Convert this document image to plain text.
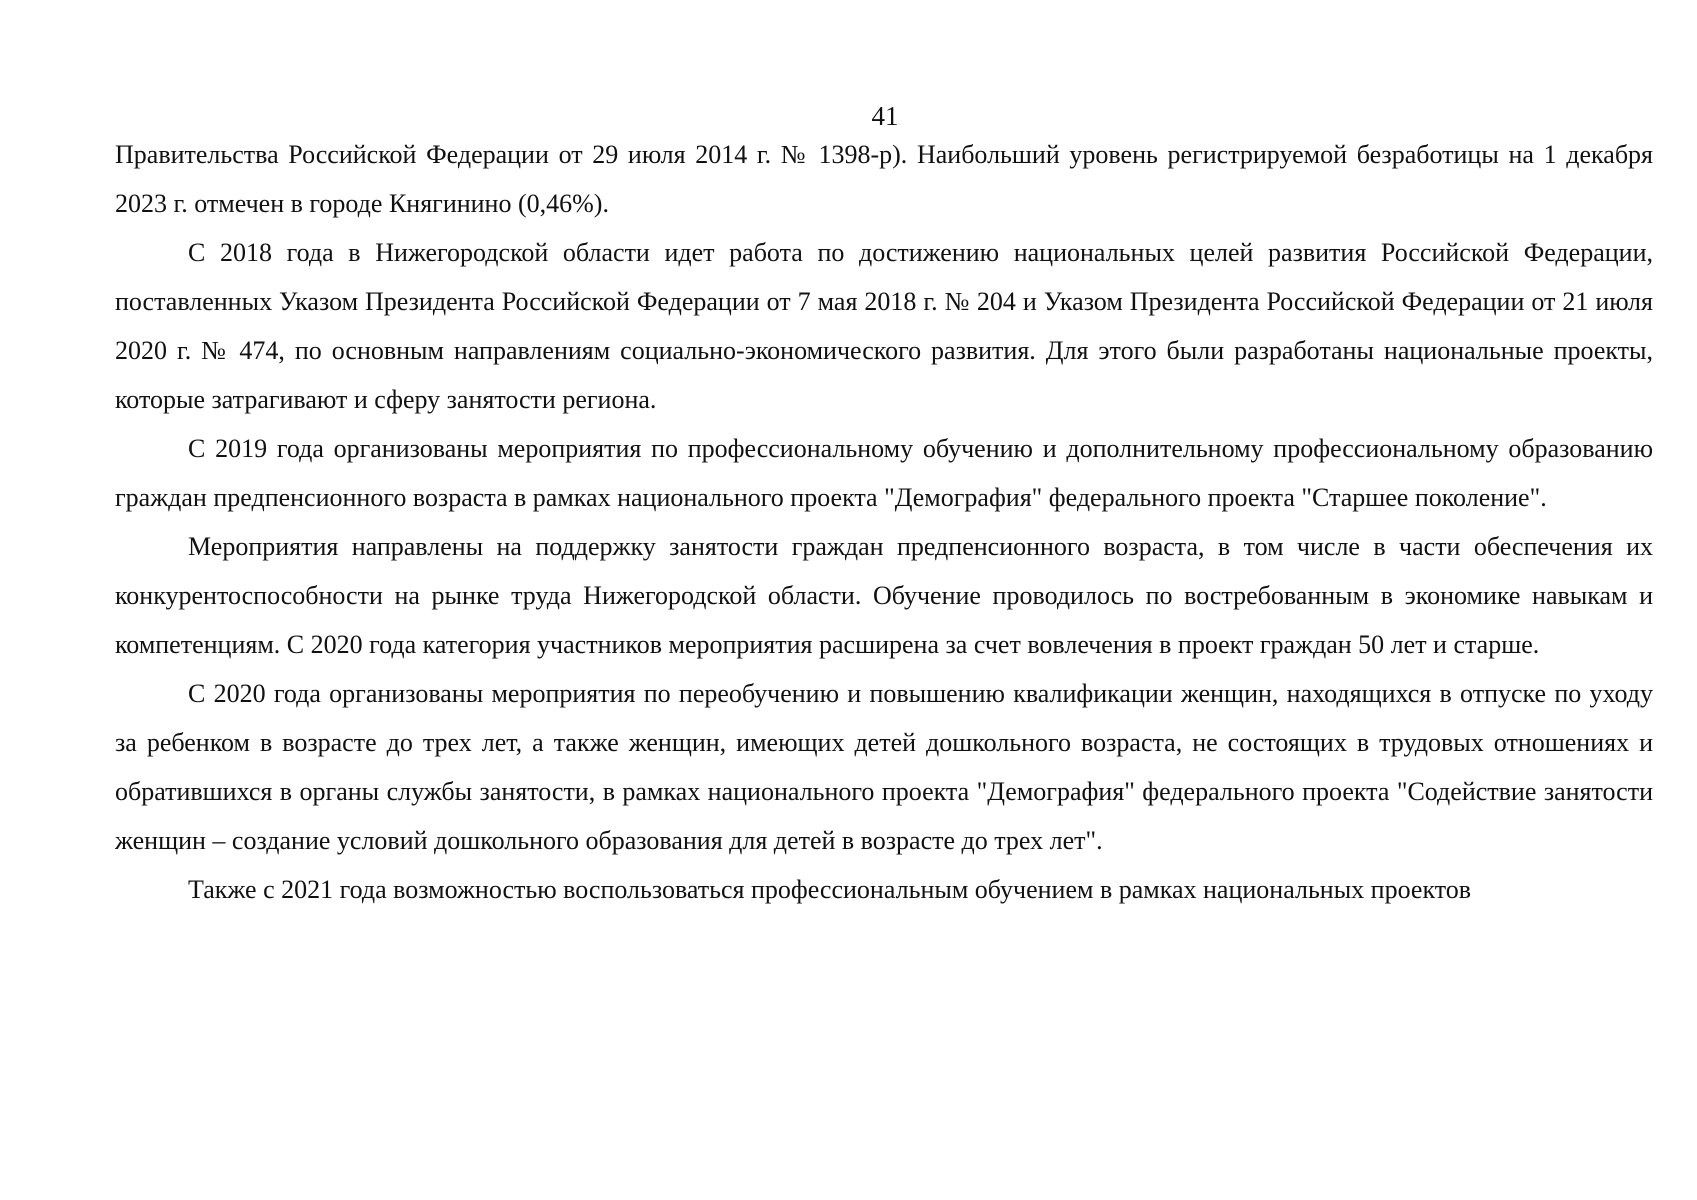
41

Правительства Российской Федерации от 29 июля 2014 г. № 1398-р). Наибольший уровень регистрируемой безработицы на 1 декабря 2023 г. отмечен в городе Княгинино (0,46%).

С 2018 года в Нижегородской области идет работа по достижению национальных целей развития Российской Федерации, поставленных Указом Президента Российской Федерации от 7 мая 2018 г. № 204 и Указом Президента Российской Федерации от 21 июля 2020 г. № 474, по основным направлениям социально-экономического развития. Для этого были разработаны национальные проекты, которые затрагивают и сферу занятости региона.

С 2019 года организованы мероприятия по профессиональному обучению и дополнительному профессиональному образованию граждан предпенсионного возраста в рамках национального проекта "Демография" федерального проекта "Старшее поколение".

Мероприятия направлены на поддержку занятости граждан предпенсионного возраста, в том числе в части обеспечения их конкурентоспособности на рынке труда Нижегородской области. Обучение проводилось по востребованным в экономике навыкам и компетенциям. С 2020 года категория участников мероприятия расширена за счет вовлечения в проект граждан 50 лет и старше.

С 2020 года организованы мероприятия по переобучению и повышению квалификации женщин, находящихся в отпуске по уходу за ребенком в возрасте до трех лет, а также женщин, имеющих детей дошкольного возраста, не состоящих в трудовых отношениях и обратившихся в органы службы занятости, в рамках национального проекта "Демография" федерального проекта "Содействие занятости женщин – создание условий дошкольного образования для детей в возрасте до трех лет".

Также с 2021 года возможностью воспользоваться профессиональным обучением в рамках национальных проектов
